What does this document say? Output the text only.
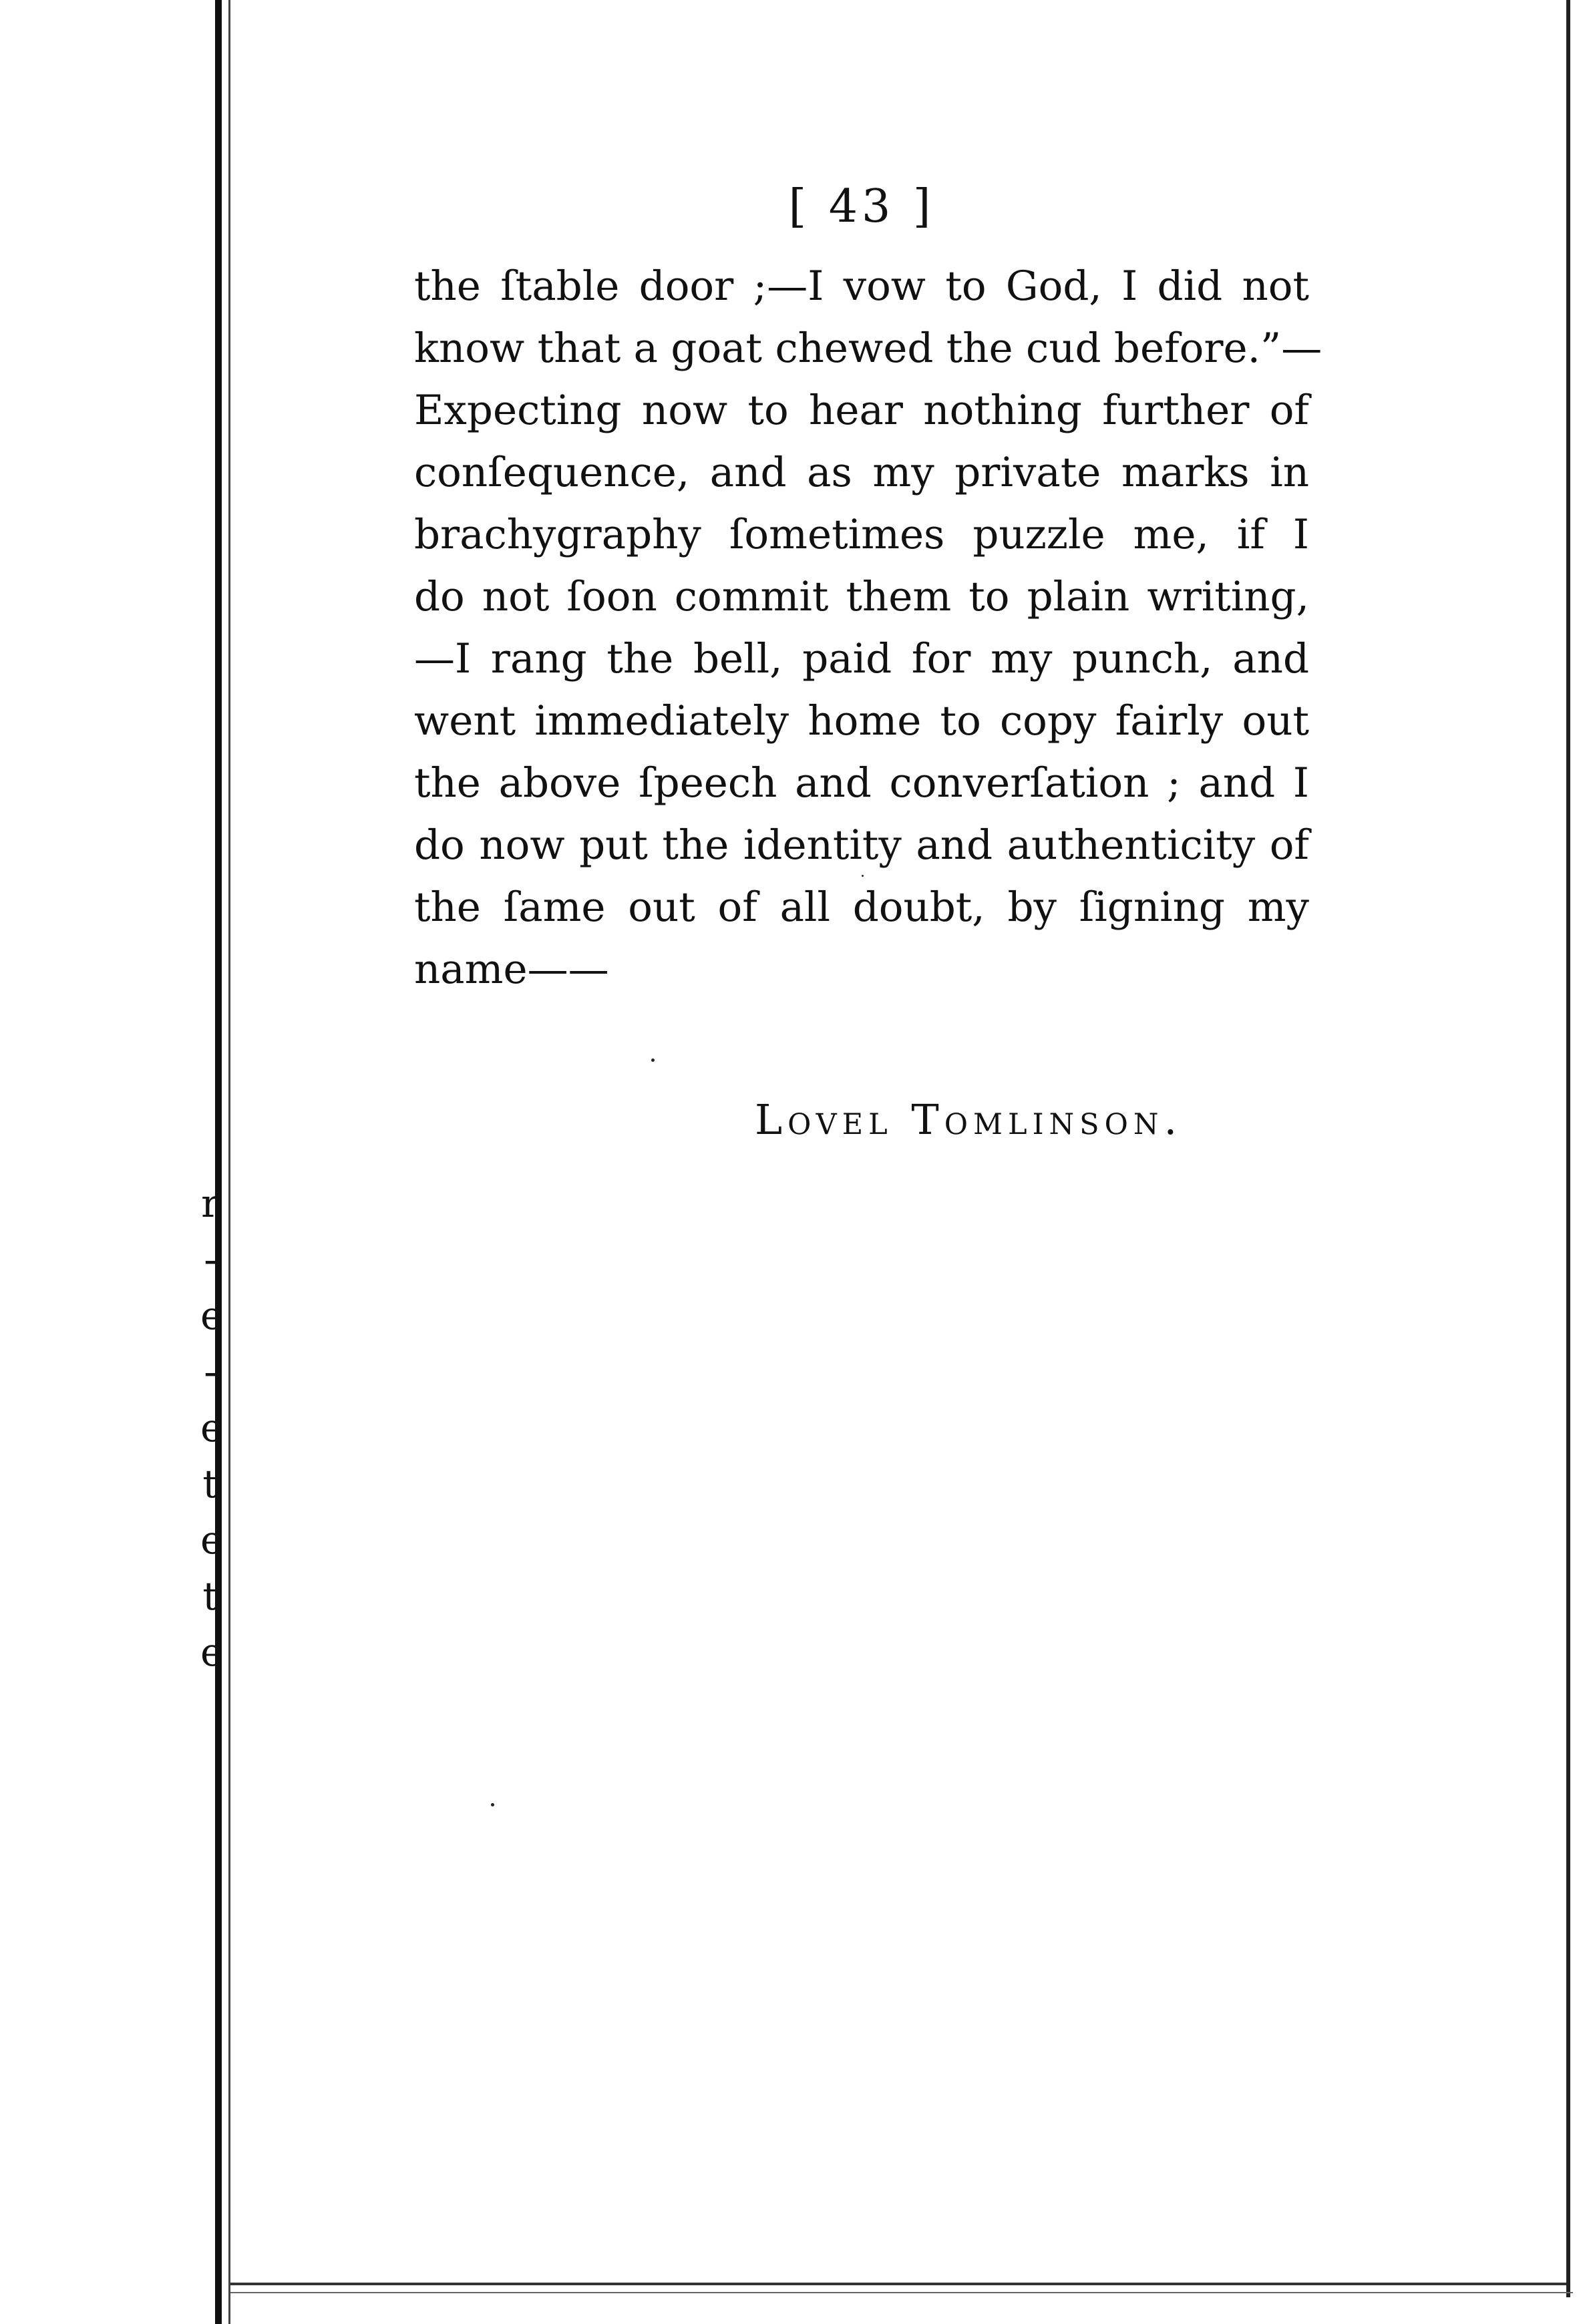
r
-
e
-
e
t
e
t
e
[ 43 ]
the ſtable door ;—I vow to God, I did not
know that a goat chewed the cud before.”—
Expecting now to hear nothing further of
conſequence, and as my private marks in
brachygraphy ſometimes puzzle me, if I
do not ſoon commit them to plain writing,
—I rang the bell, paid for my punch, and
went immediately home to copy fairly out
the above ſpeech and converſation ; and I
do now put the identity and authenticity of
the ſame out of all doubt, by ſigning my
name——
Lovel Tomlinson.
